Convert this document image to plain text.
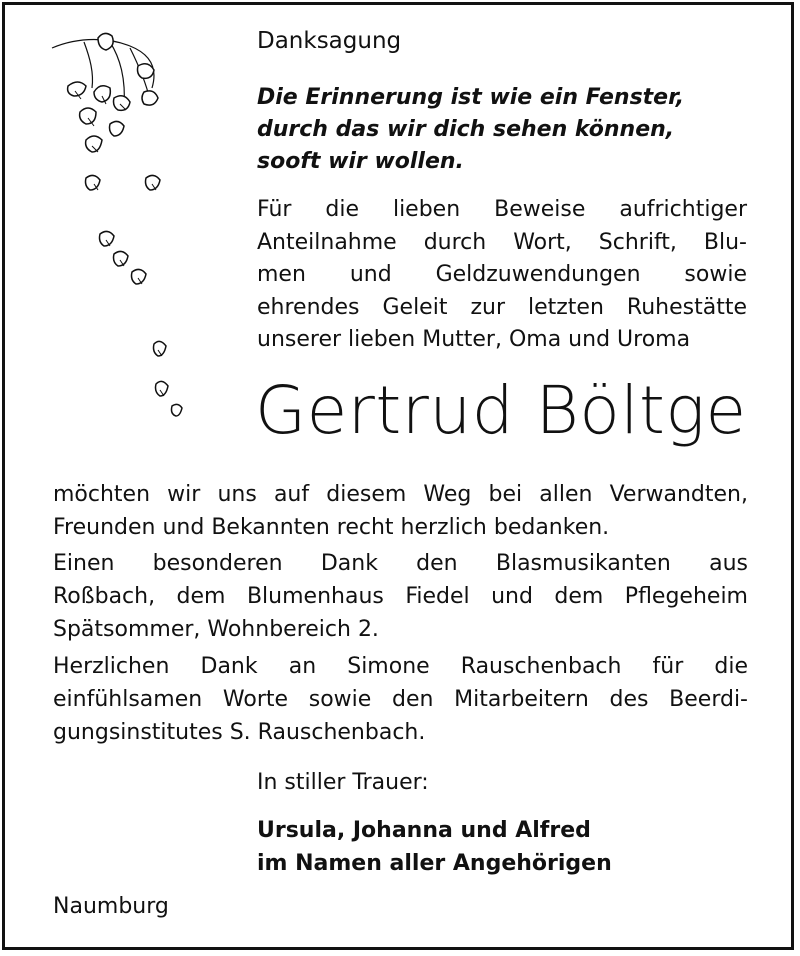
Danksagung
Die Erinnerung ist wie ein Fenster,
durch das wir dich sehen können,
sooft wir wollen.
Für die lieben Beweise aufrichtiger
Anteilnahme durch Wort, Schrift, Blu-
men und Geldzuwendungen sowie
ehrendes Geleit zur letzten Ruhestätte
unserer lieben Mutter, Oma und Uroma
Gertrud Böltge
möchten wir uns auf diesem Weg bei allen Verwandten,
Freunden und Bekannten recht herzlich bedanken.
Einen besonderen Dank den Blasmusikanten aus
Roßbach, dem Blumenhaus Fiedel und dem Pflegeheim
Spätsommer, Wohnbereich 2.
Herzlichen Dank an Simone Rauschenbach für die
einfühlsamen Worte sowie den Mitarbeitern des Beerdi-
gungsinstitutes S. Rauschenbach.
In stiller Trauer:
Ursula, Johanna und Alfred
im Namen aller Angehörigen
Naumburg
